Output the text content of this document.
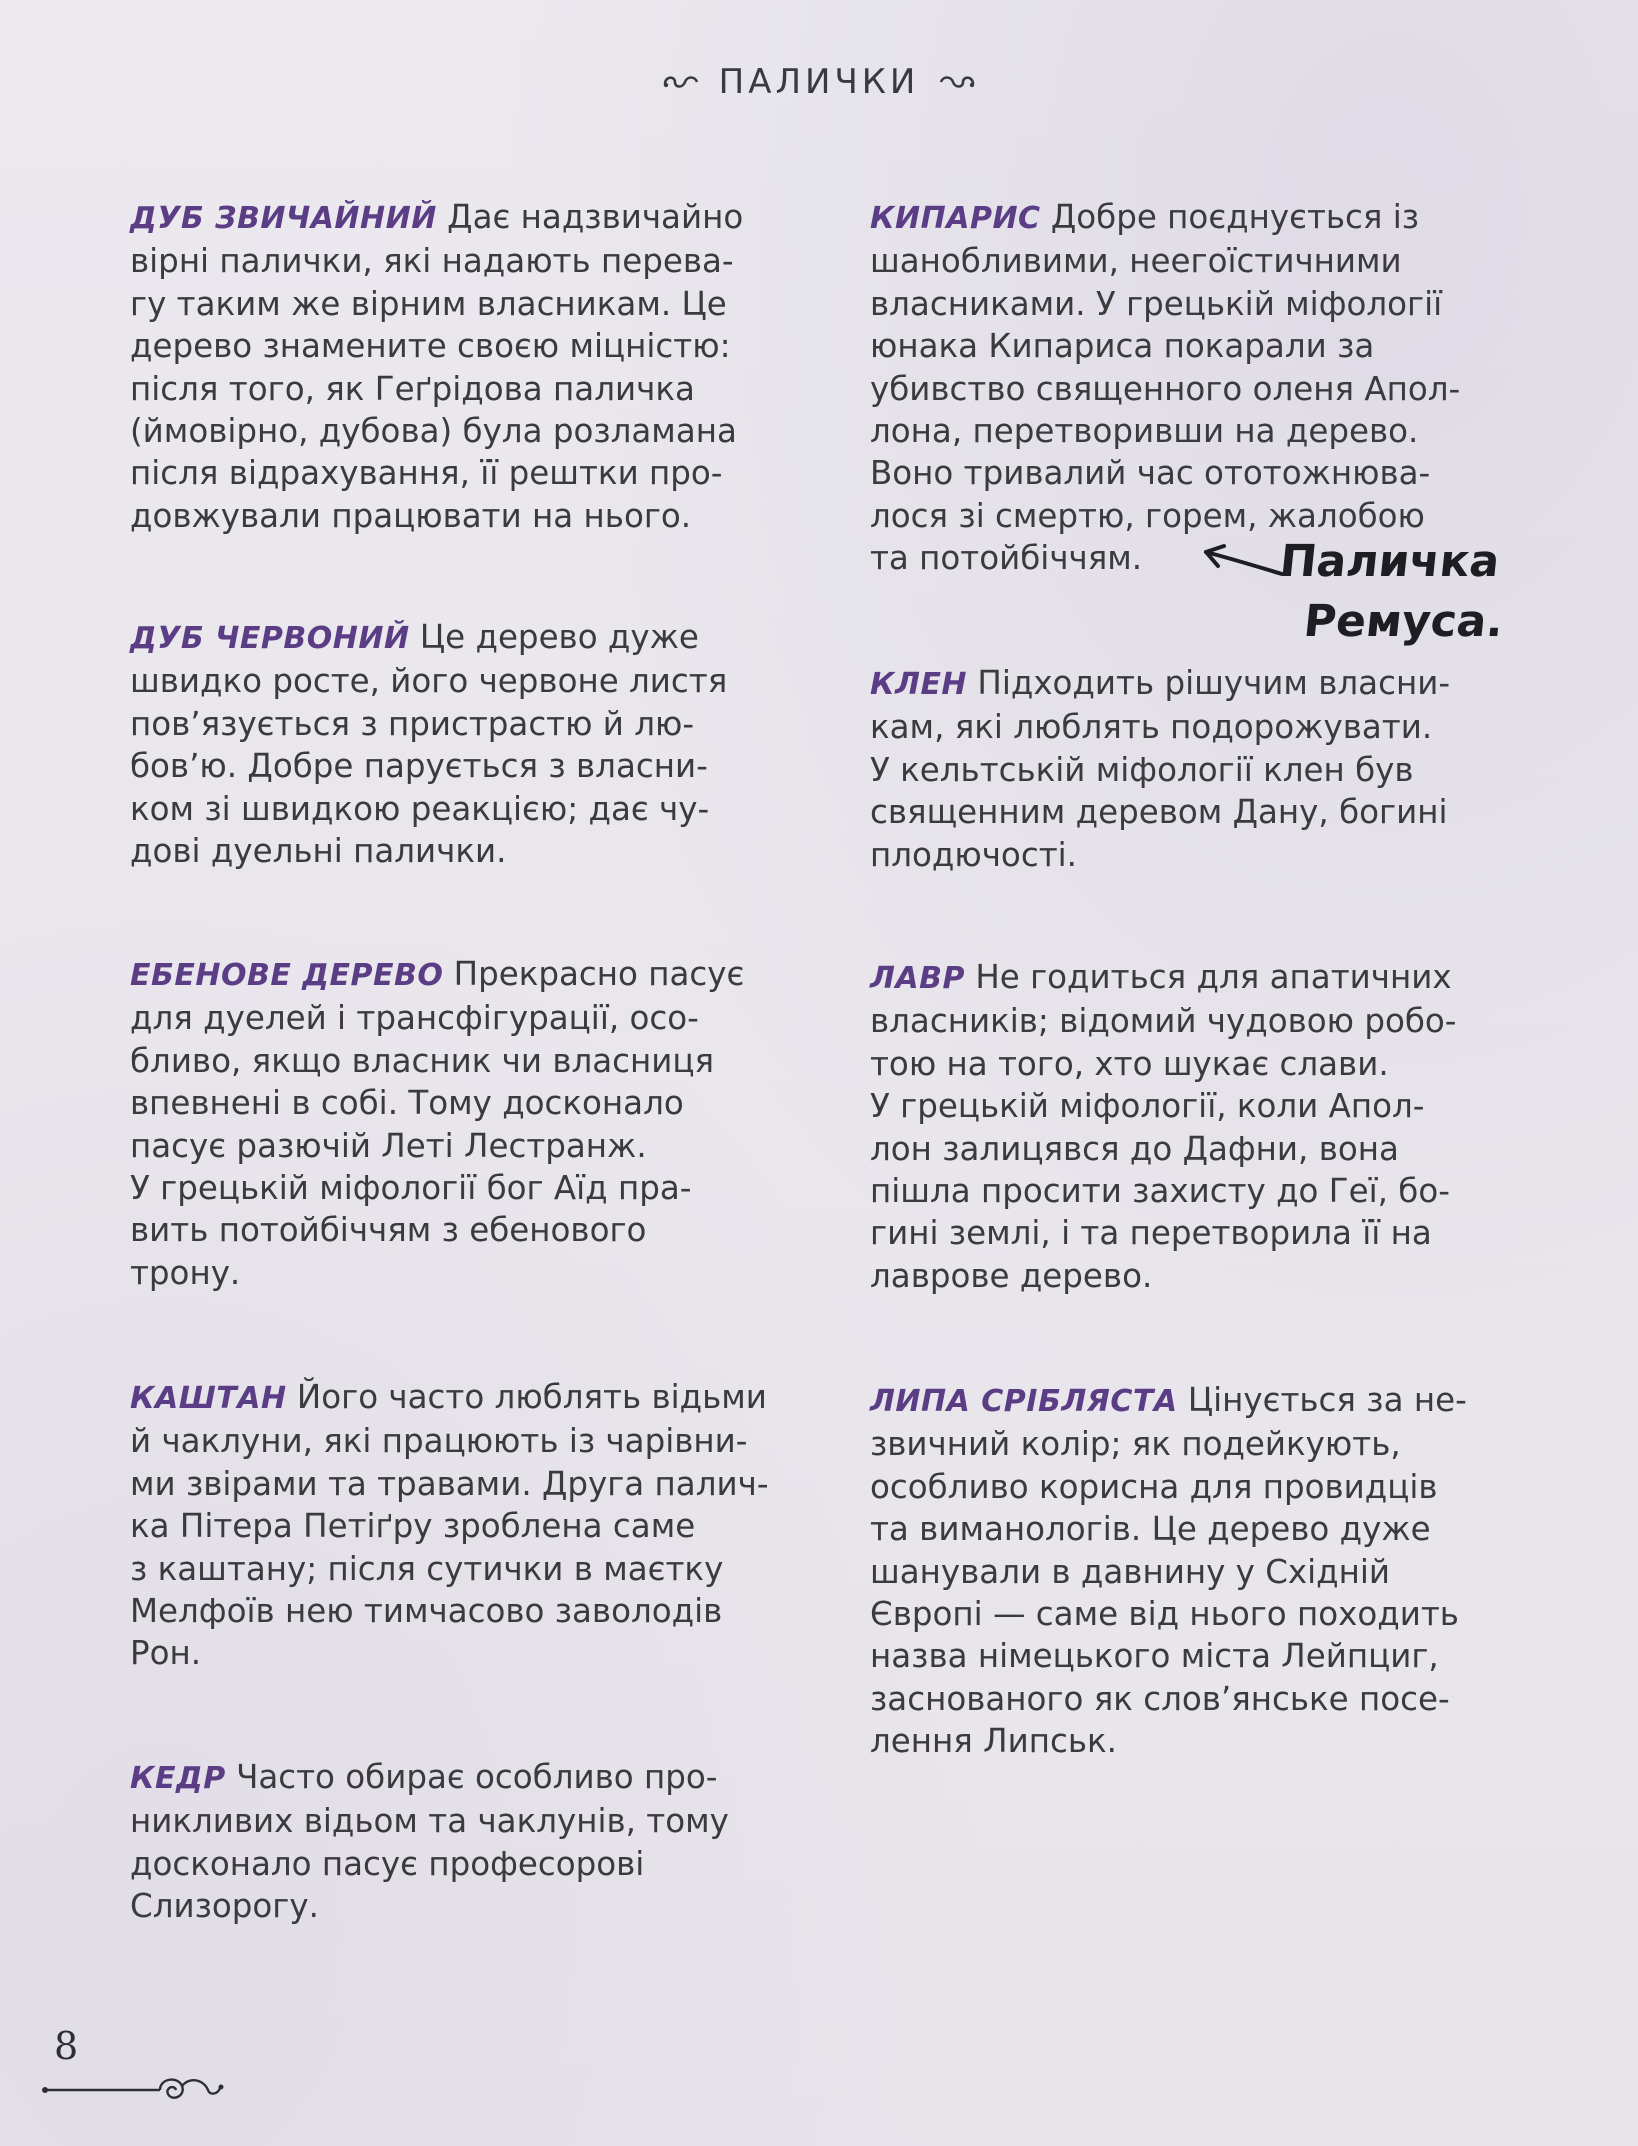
ПАЛИЧКИ
ДУБ ЗВИЧАЙНИЙ Дає надзвичайно
вірні палички, які надають перева-
гу таким же вірним власникам. Це
дерево знамените своєю міцністю:
після того, як Геґрідова паличка
(ймовірно, дубова) була розламана
після відрахування, її рештки про-
довжували працювати на нього.
ДУБ ЧЕРВОНИЙ Це дерево дуже
швидко росте, його червоне листя
пов’язується з пристрастю й лю-
бов’ю. Добре парується з власни-
ком зі швидкою реакцією; дає чу-
дові дуельні палички.
ЕБЕНОВЕ ДЕРЕВО Прекрасно пасує
для дуелей і трансфігурації, осо-
бливо, якщо власник чи власниця
впевнені в собі. Тому досконало
пасує разючій Леті Лестранж.
У грецькій міфології бог Аїд пра-
вить потойбіччям з ебенового
трону.
КАШТАН Його часто люблять відьми
й чаклуни, які працюють із чарівни-
ми звірами та травами. Друга палич-
ка Пітера Петіґру зроблена саме
з каштану; після сутички в маєтку
Мелфоїв нею тимчасово заволодів
Рон.
КЕДР Часто обирає особливо про-
никливих відьом та чаклунів, тому
досконало пасує професорові
Слизорогу.
КИПАРИС Добре поєднується із
шанобливими, неегоїстичними
власниками. У грецькій міфології
юнака Кипариса покарали за
убивство священного оленя Апол-
лона, перетворивши на дерево.
Воно тривалий час ототожнюва-
лося зі смертю, горем, жалобою
та потойбіччям.
КЛЕН Підходить рішучим власни-
кам, які люблять подорожувати.
У кельтській міфології клен був
священним деревом Дану, богині
плодючості.
ЛАВР Не годиться для апатичних
власників; відомий чудовою робо-
тою на того, хто шукає слави.
У грецькій міфології, коли Апол-
лон залицявся до Дафни, вона
пішла просити захисту до Геї, бо-
гині землі, і та перетворила її на
лаврове дерево.
ЛИПА СРІБЛЯСТА Цінується за не-
звичний колір; як подейкують,
особливо корисна для провидців
та виманологів. Це дерево дуже
шанували в давнину у Східній
Європі — саме від нього походить
назва німецького міста Лейпциг,
заснованого як слов’янське посе-
лення Липськ.
Паличка
Ремуса.
8
